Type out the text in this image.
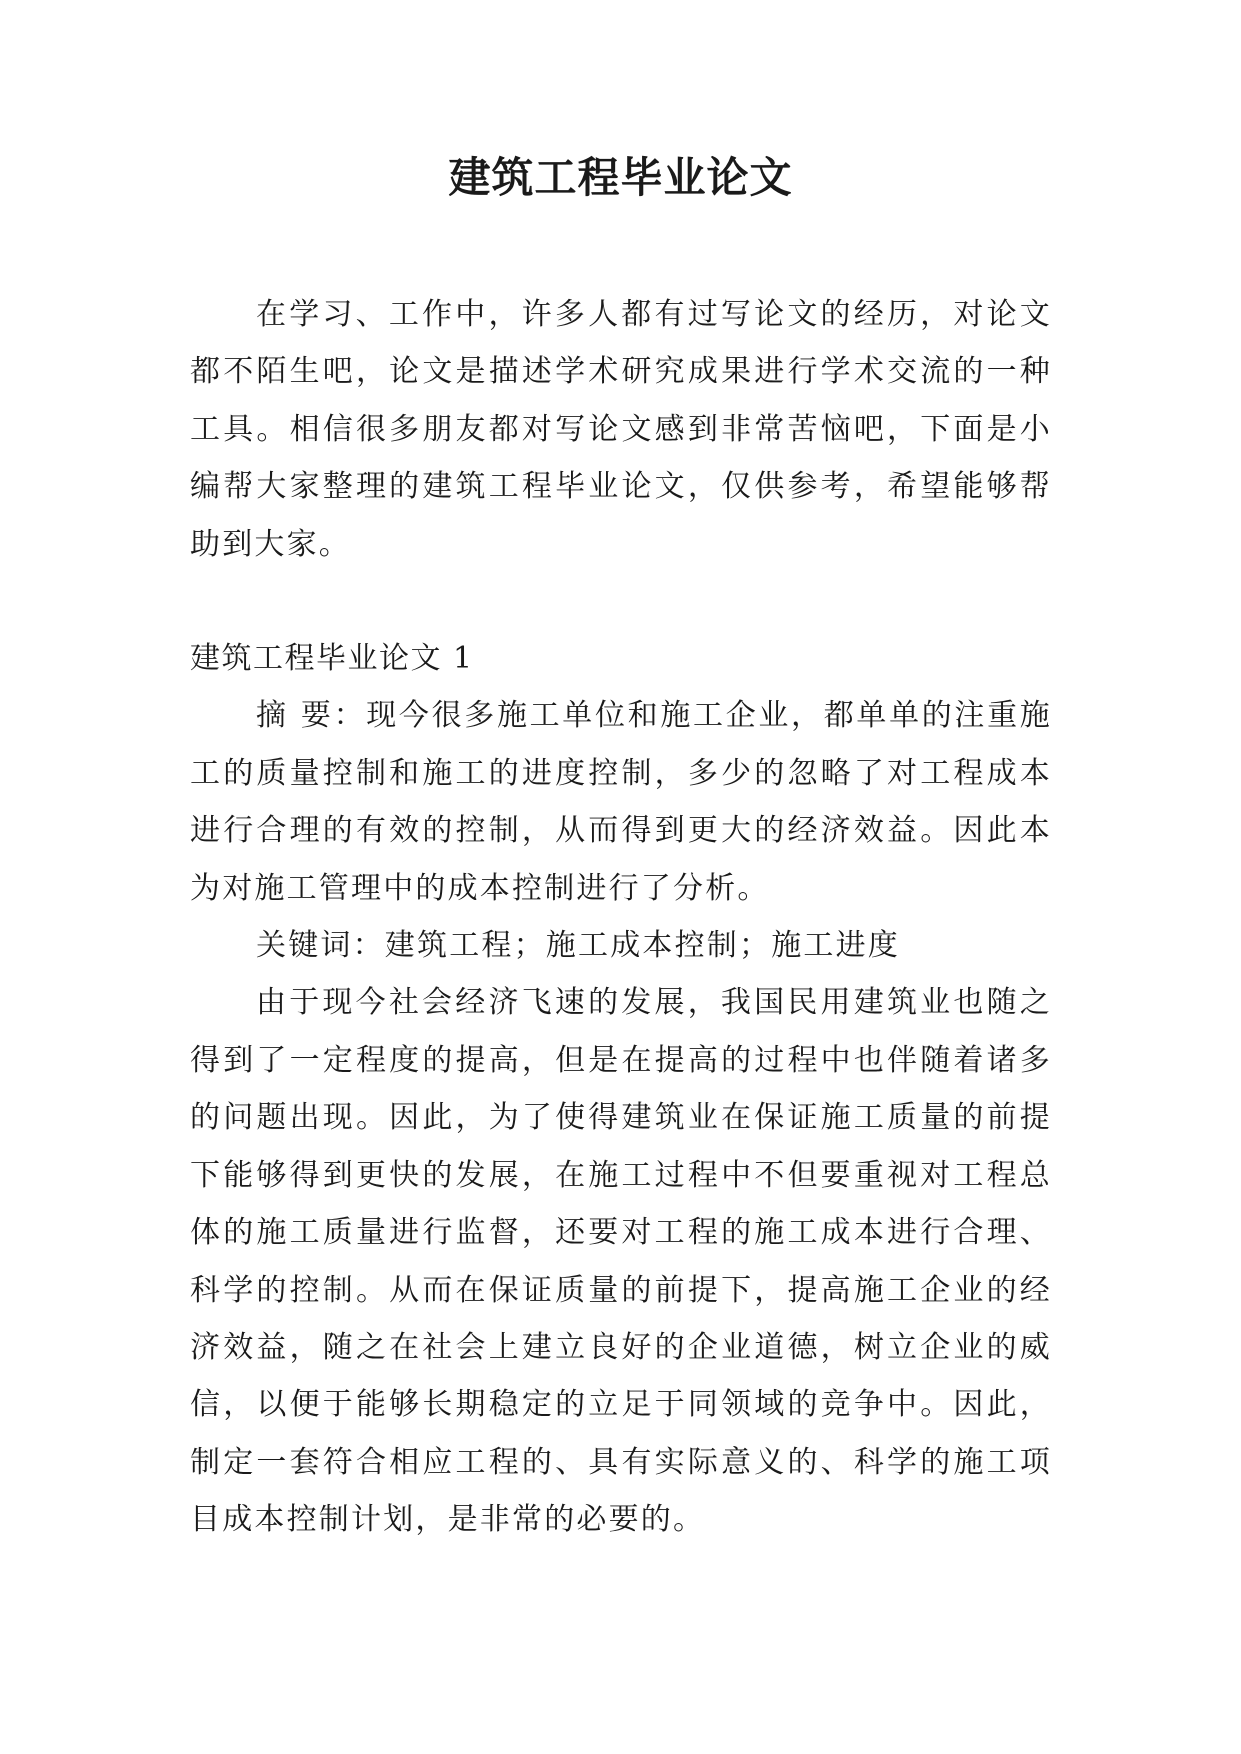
建筑工程毕业论文

在学习、工作中，许多人都有过写论文的经历，对论文都不陌生吧，论文是描述学术研究成果进行学术交流的一种工具。相信很多朋友都对写论文感到非常苦恼吧，下面是小编帮大家整理的建筑工程毕业论文，仅供参考，希望能够帮助到大家。

建筑工程毕业论文 1

摘 要：现今很多施工单位和施工企业，都单单的注重施工的质量控制和施工的进度控制，多少的忽略了对工程成本进行合理的有效的控制，从而得到更大的经济效益。因此本为对施工管理中的成本控制进行了分析。

关键词：建筑工程；施工成本控制；施工进度

由于现今社会经济飞速的发展，我国民用建筑业也随之得到了一定程度的提高，但是在提高的过程中也伴随着诸多的问题出现。因此，为了使得建筑业在保证施工质量的前提下能够得到更快的发展，在施工过程中不但要重视对工程总体的施工质量进行监督，还要对工程的施工成本进行合理、科学的控制。从而在保证质量的前提下，提高施工企业的经济效益，随之在社会上建立良好的企业道德，树立企业的威信，以便于能够长期稳定的立足于同领域的竞争中。因此，制定一套符合相应工程的、具有实际意义的、科学的施工项目成本控制计划，是非常的必要的。
